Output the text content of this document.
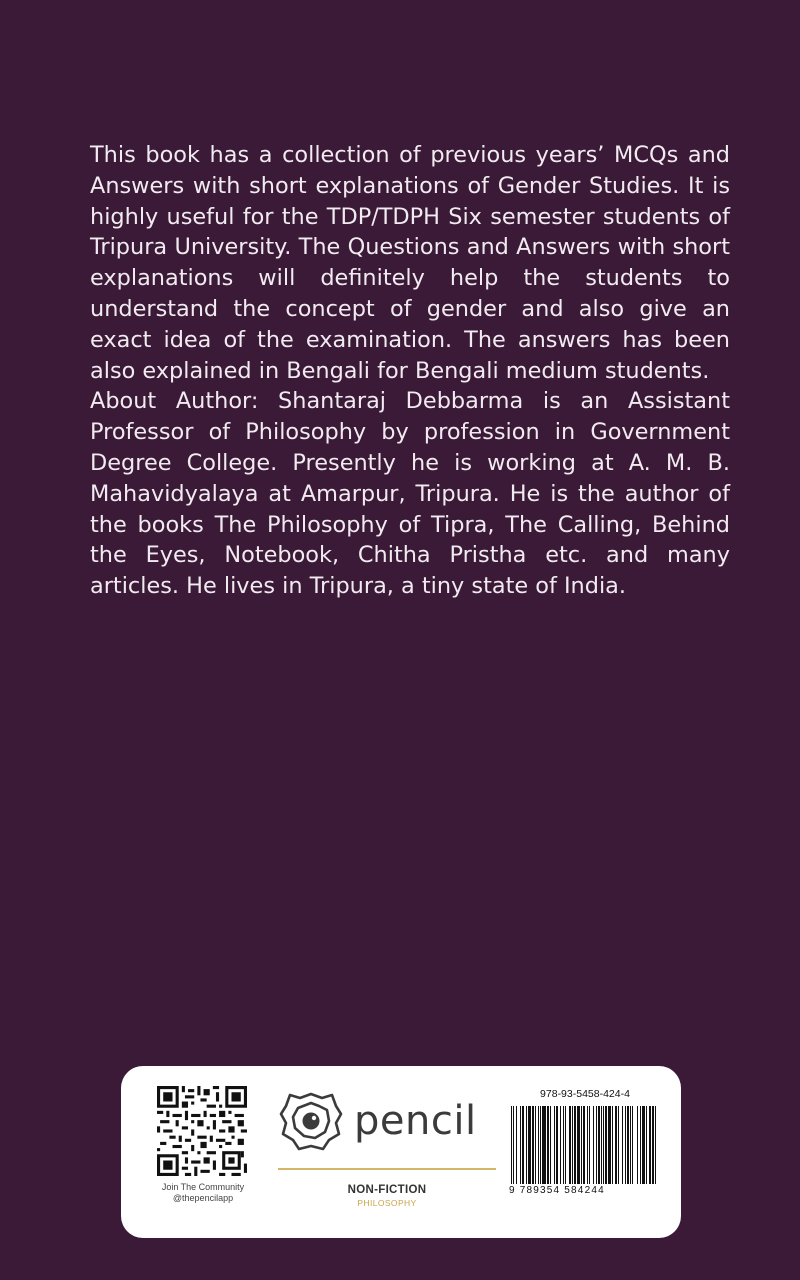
This book has a collection of previous years’ MCQs and Answers with short explanations of Gender Studies. It is highly useful for the TDP/TDPH Six semester students of Tripura University. The Questions and Answers with short explanations will definitely help the students to understand the concept of gender and also give an exact idea of the examination. The answers has been also explained in Bengali for Bengali medium students.

About Author: Shantaraj Debbarma is an Assistant Professor of Philosophy by profession in Government Degree College. Presently he is working at A. M. B. Mahavidyalaya at Amarpur, Tripura. He is the author of the books The Philosophy of Tipra, The Calling, Behind the Eyes, Notebook, Chitha Pristha etc. and many articles. He lives in Tripura, a tiny state of India.

Join The Community
@thepencilapp
pencil
NON-FICTION
PHILOSOPHY
978-93-5458-424-4
9 789354 584244
